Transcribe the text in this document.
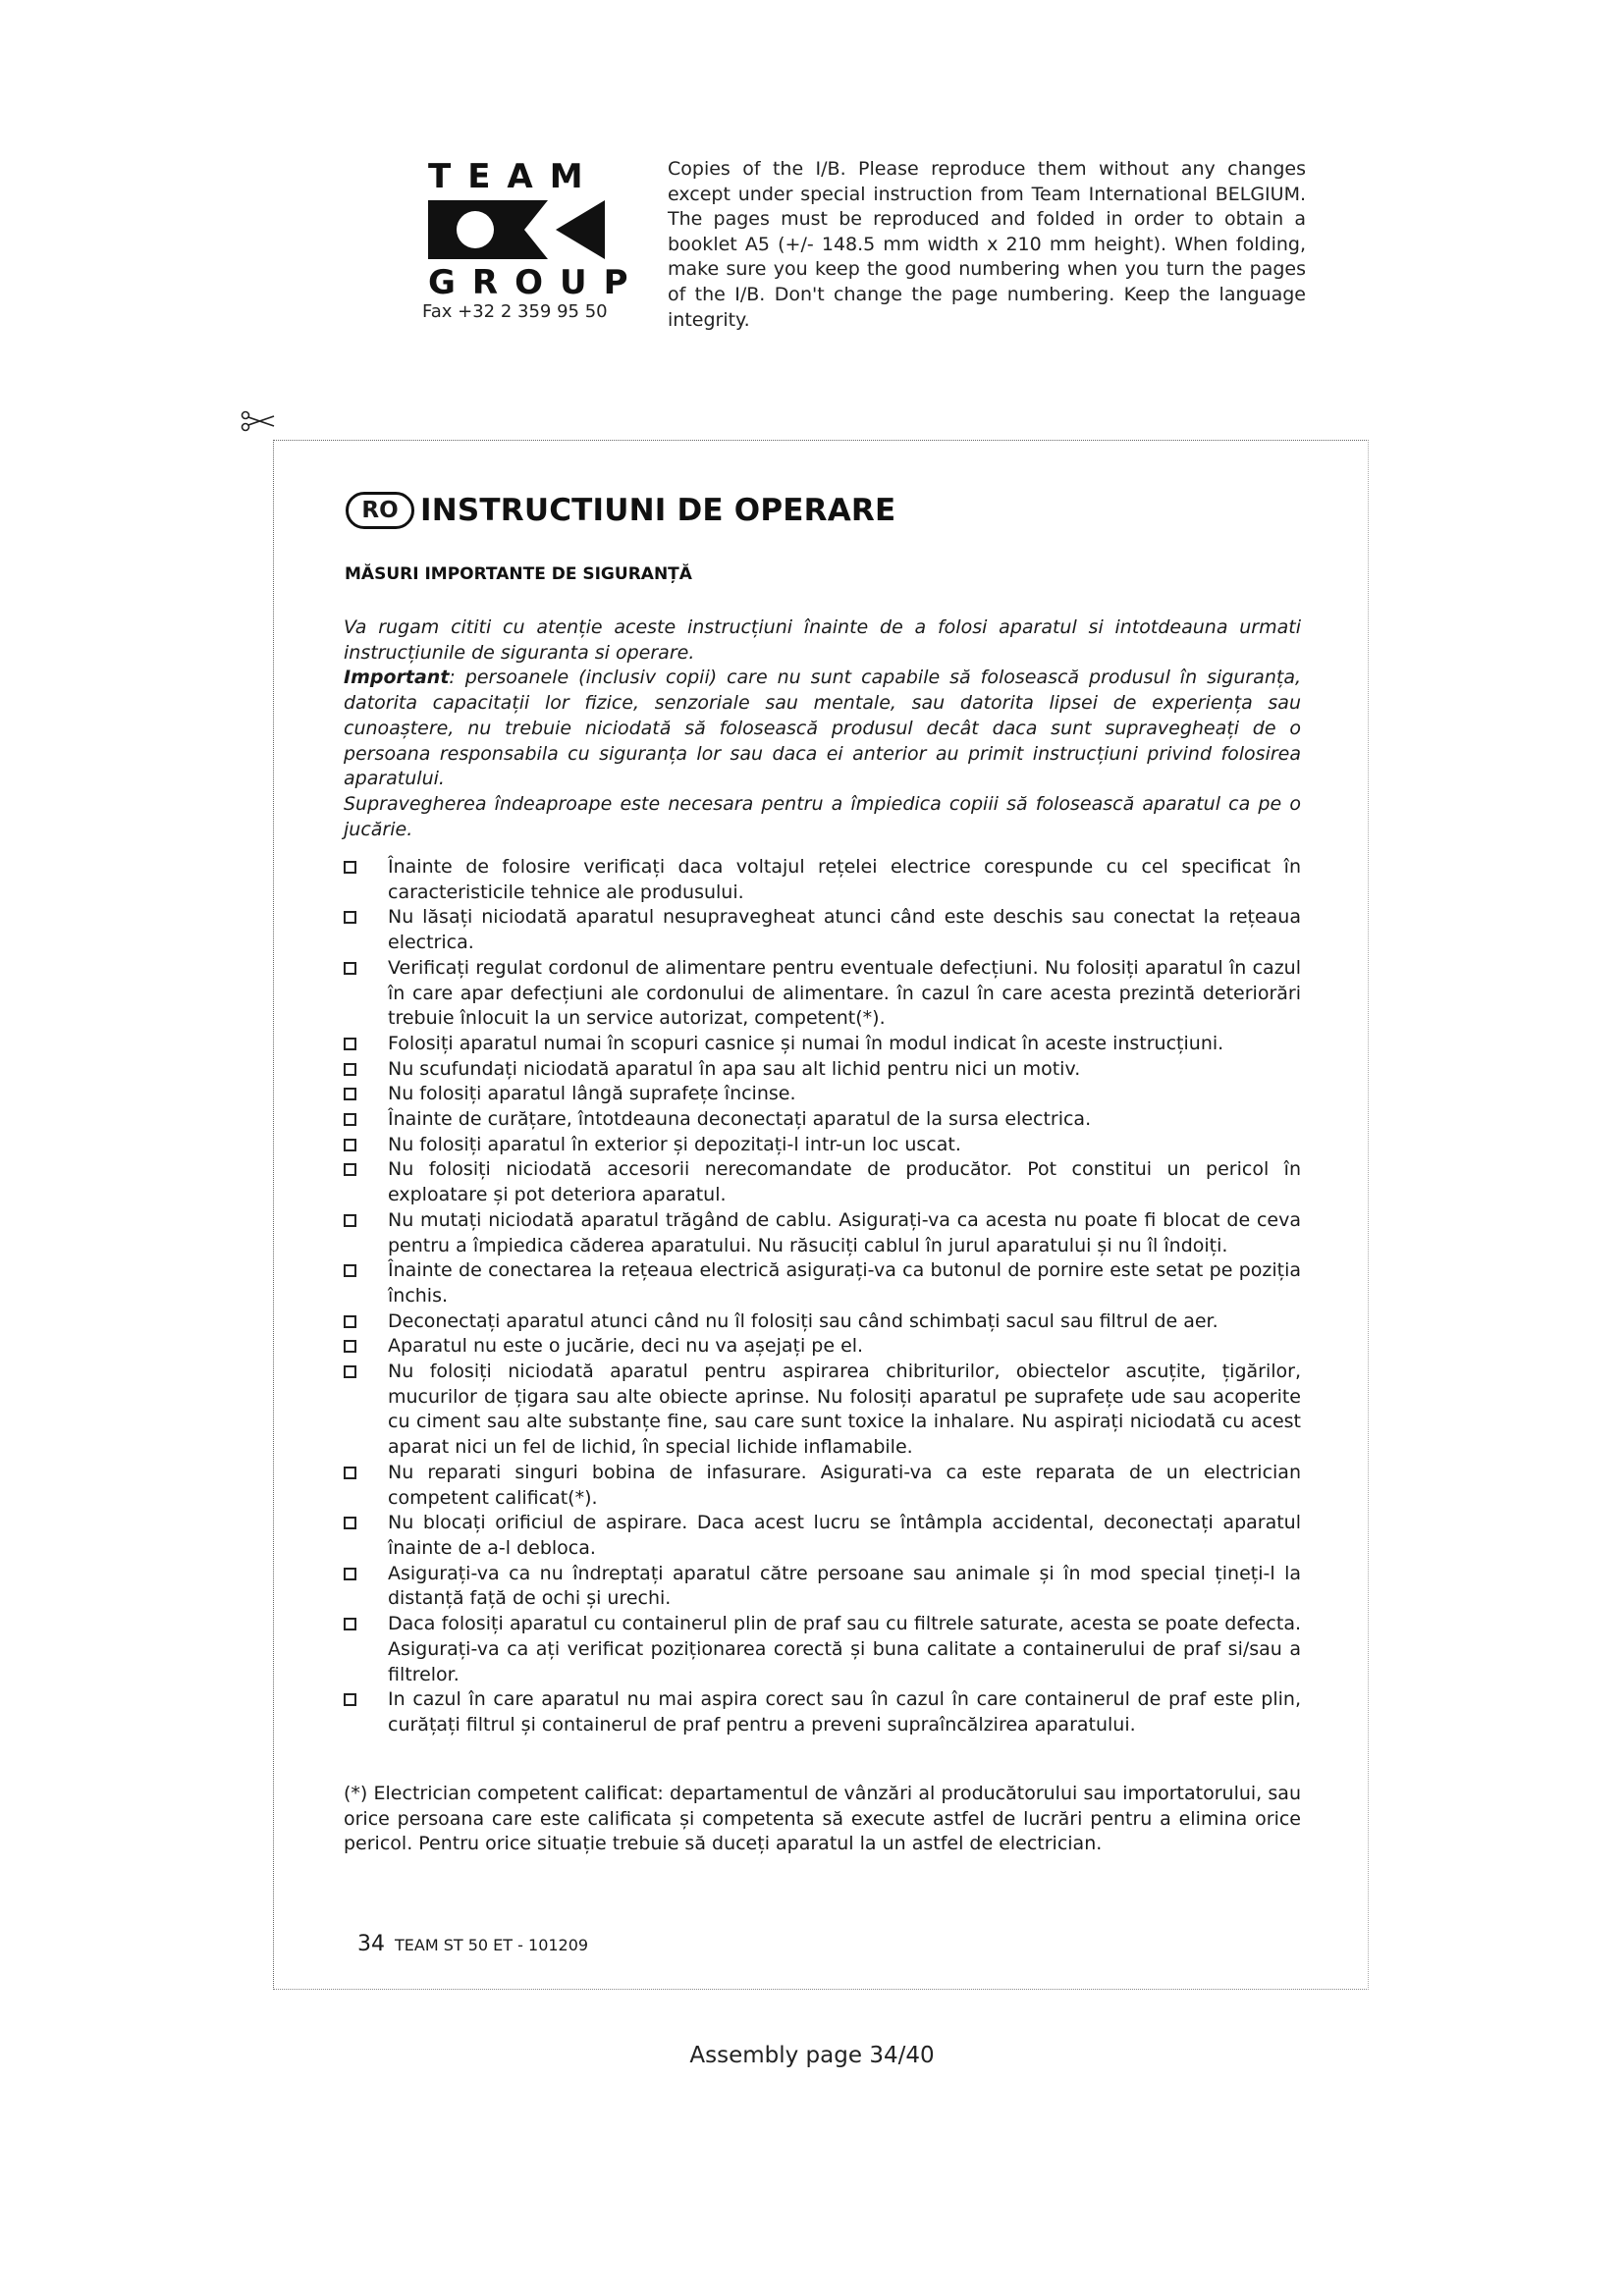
TEAM
GROUP
Fax +32 2 359 95 50
Copies of the I/B. Please reproduce them without any changes except under special instruction from Team International BELGIUM. The pages must be reproduced and folded in order to obtain a booklet A5 (+/- 148.5 mm width x 210 mm height). When folding, make sure you keep the good numbering when you turn the pages of the I/B. Don't change the page numbering. Keep the language integrity.
RO INSTRUCTIUNI DE OPERARE
MĂSURI IMPORTANTE DE SIGURANȚĂ

Va rugam cititi cu atenție aceste instrucțiuni înainte de a folosi aparatul si intotdeauna urmati instrucțiunile de siguranta si operare.

Important: persoanele (inclusiv copii) care nu sunt capabile să folosească produsul în siguranța, datorita capacitații lor fizice, senzoriale sau mentale, sau datorita lipsei de experiența sau cunoaștere, nu trebuie niciodată să folosească produsul decât daca sunt supravegheați de o persoana responsabila cu siguranța lor sau daca ei anterior au primit instrucțiuni privind folosirea aparatului.

Supravegherea îndeaproape este necesara pentru a împiedica copiii să folosească aparatul ca pe o jucărie.

Înainte de folosire verificați daca voltajul rețelei electrice corespunde cu cel specificat în caracteristicile tehnice ale produsului.
Nu lăsați niciodată aparatul nesupravegheat atunci când este deschis sau conectat la rețeaua electrica.
Verificați regulat cordonul de alimentare pentru eventuale defecțiuni. Nu folosiți aparatul în cazul în care apar defecțiuni ale cordonului de alimentare. în cazul în care acesta prezintă deteriorări trebuie înlocuit la un service autorizat, competent(*).
Folosiți aparatul numai în scopuri casnice și numai în modul indicat în aceste instrucțiuni.
Nu scufundați niciodată aparatul în apa sau alt lichid pentru nici un motiv.
Nu folosiți aparatul lângă suprafețe încinse.
Înainte de curățare, întotdeauna deconectați aparatul de la sursa electrica.
Nu folosiți aparatul în exterior și depozitați-l intr-un loc uscat.
Nu folosiți niciodată accesorii nerecomandate de producător. Pot constitui un pericol în exploatare și pot deteriora aparatul.
Nu mutați niciodată aparatul trăgând de cablu. Asigurați-va ca acesta nu poate fi blocat de ceva pentru a împiedica căderea aparatului. Nu răsuciți cablul în jurul aparatului și nu îl îndoiți.
Înainte de conectarea la rețeaua electrică asigurați-va ca butonul de pornire este setat pe poziția închis.
Deconectați aparatul atunci când nu îl folosiți sau când schimbați sacul sau filtrul de aer.
Aparatul nu este o jucărie, deci nu va așejați pe el.
Nu folosiți niciodată aparatul pentru aspirarea chibriturilor, obiectelor ascuțite, țigărilor, mucurilor de țigara sau alte obiecte aprinse. Nu folosiți aparatul pe suprafețe ude sau acoperite cu ciment sau alte substanțe fine, sau care sunt toxice la inhalare. Nu aspirați niciodată cu acest aparat nici un fel de lichid, în special lichide inflamabile.
Nu reparati singuri bobina de infasurare. Asigurati-va ca este reparata de un electrician competent calificat(*).
Nu blocați orificiul de aspirare. Daca acest lucru se întâmpla accidental, deconectați aparatul înainte de a-l debloca.
Asigurați-va ca nu îndreptați aparatul către persoane sau animale și în mod special țineți-l la distanță față de ochi și urechi.
Daca folosiți aparatul cu containerul plin de praf sau cu filtrele saturate, acesta se poate defecta. Asigurați-va ca ați verificat poziționarea corectă și buna calitate a containerului de praf si/sau a filtrelor.
In cazul în care aparatul nu mai aspira corect sau în cazul în care containerul de praf este plin, curățați filtrul și containerul de praf pentru a preveni supraîncălzirea aparatului.
(*) Electrician competent calificat: departamentul de vânzări al producătorului sau importatorului, sau orice persoana care este calificata și competenta să execute astfel de lucrări pentru a elimina orice pericol. Pentru orice situație trebuie să duceți aparatul la un astfel de electrician.
34 TEAM ST 50 ET - 101209
Assembly page 34/40
